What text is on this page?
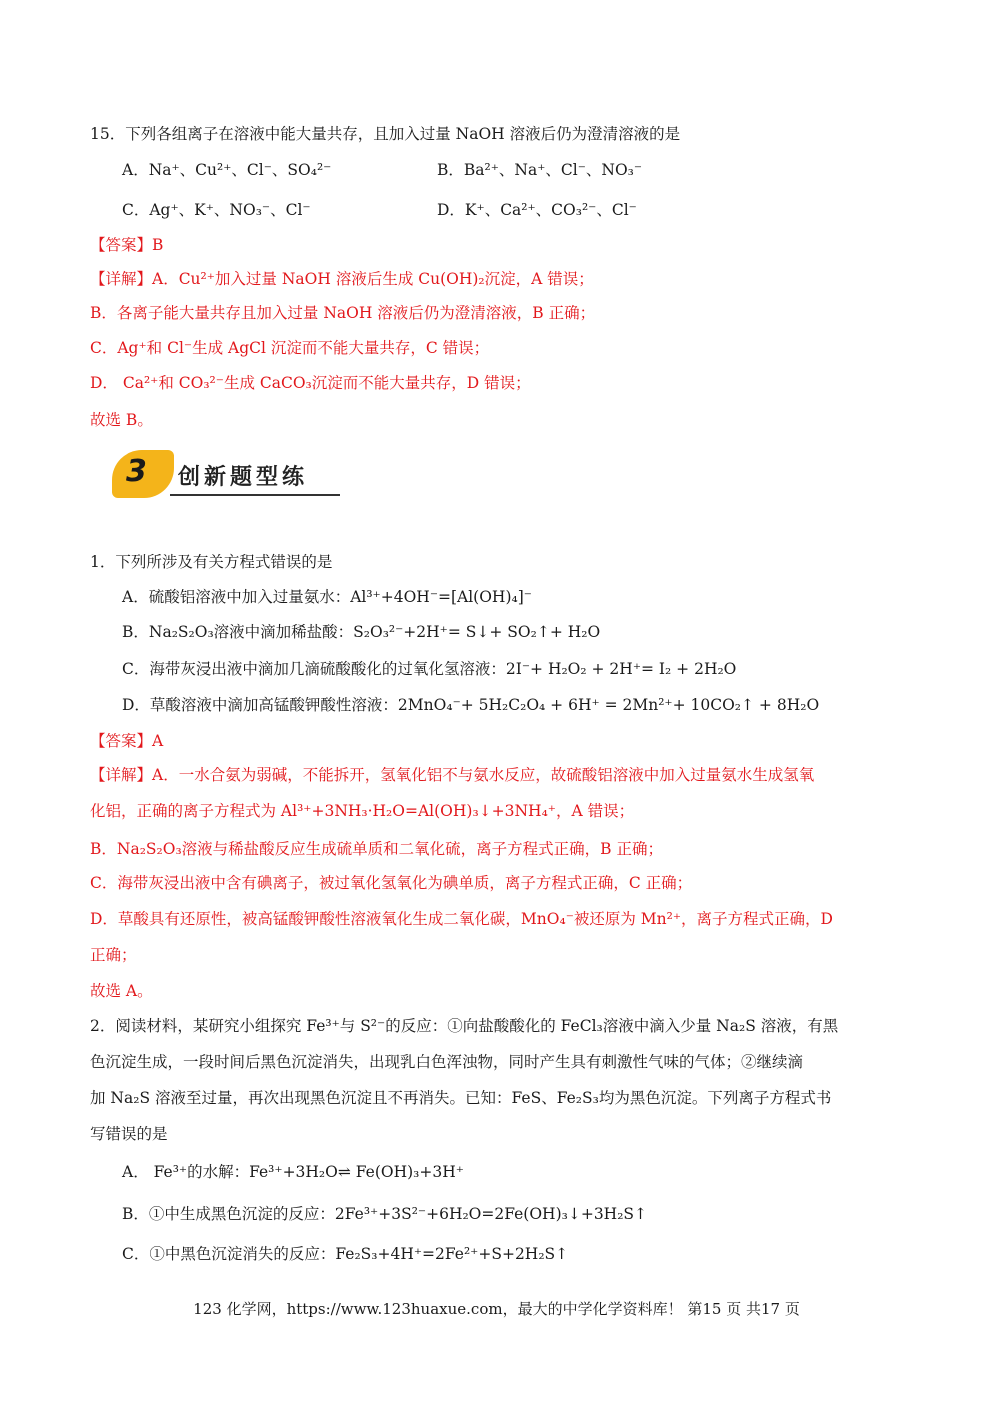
15．下列各组离子在溶液中能大量共存，且加入过量 NaOH 溶液后仍为澄清溶液的是
A．Na⁺、Cu²⁺、Cl⁻、SO₄²⁻	B．Ba²⁺、Na⁺、Cl⁻、NO₃⁻
C．Ag⁺、K⁺、NO₃⁻、Cl⁻	D．K⁺、Ca²⁺、CO₃²⁻、Cl⁻
【答案】B
【详解】A．Cu²⁺加入过量 NaOH 溶液后生成 Cu(OH)₂沉淀，A 错误；
B．各离子能大量共存且加入过量 NaOH 溶液后仍为澄清溶液，B 正确；
C．Ag⁺和 Cl⁻生成 AgCl 沉淀而不能大量共存，C 错误；
D． Ca²⁺和 CO₃²⁻生成 CaCO₃沉淀而不能大量共存，D 错误；
故选 B。
3 创新题型练
1．下列所涉及有关方程式错误的是
A．硫酸铝溶液中加入过量氨水：Al³⁺+4OH⁻=[Al(OH)₄]⁻
B．Na₂S₂O₃溶液中滴加稀盐酸：S₂O₃²⁻+2H⁺= S↓+ SO₂↑+ H₂O
C．海带灰浸出液中滴加几滴硫酸酸化的过氧化氢溶液：2I⁻+ H₂O₂ + 2H⁺= I₂ + 2H₂O
D．草酸溶液中滴加高锰酸钾酸性溶液：2MnO₄⁻+ 5H₂C₂O₄ + 6H⁺ = 2Mn²⁺+ 10CO₂↑ + 8H₂O
【答案】A
【详解】A．一水合氨为弱碱，不能拆开，氢氧化铝不与氨水反应，故硫酸铝溶液中加入过量氨水生成氢氧
化铝，正确的离子方程式为 Al³⁺+3NH₃·H₂O=Al(OH)₃↓+3NH₄⁺，A 错误；
B．Na₂S₂O₃溶液与稀盐酸反应生成硫单质和二氧化硫，离子方程式正确，B 正确；
C．海带灰浸出液中含有碘离子，被过氧化氢氧化为碘单质，离子方程式正确，C 正确；
D．草酸具有还原性，被高锰酸钾酸性溶液氧化生成二氧化碳，MnO₄⁻被还原为 Mn²⁺，离子方程式正确，D
正确；
故选 A。
2．阅读材料，某研究小组探究 Fe³⁺与 S²⁻的反应：①向盐酸酸化的 FeCl₃溶液中滴入少量 Na₂S 溶液，有黑
色沉淀生成，一段时间后黑色沉淀消失，出现乳白色浑浊物，同时产生具有刺激性气味的气体；②继续滴
加 Na₂S 溶液至过量，再次出现黑色沉淀且不再消失。已知：FeS、Fe₂S₃均为黑色沉淀。下列离子方程式书
写错误的是
A． Fe³⁺的水解：Fe³⁺+3H₂O⇌ Fe(OH)₃+3H⁺
B．①中生成黑色沉淀的反应：2Fe³⁺+3S²⁻+6H₂O=2Fe(OH)₃↓+3H₂S↑
C．①中黑色沉淀消失的反应：Fe₂S₃+4H⁺=2Fe²⁺+S+2H₂S↑
123 化学网，https://www.123huaxue.com，最大的中学化学资料库！ 第15 页 共17 页
